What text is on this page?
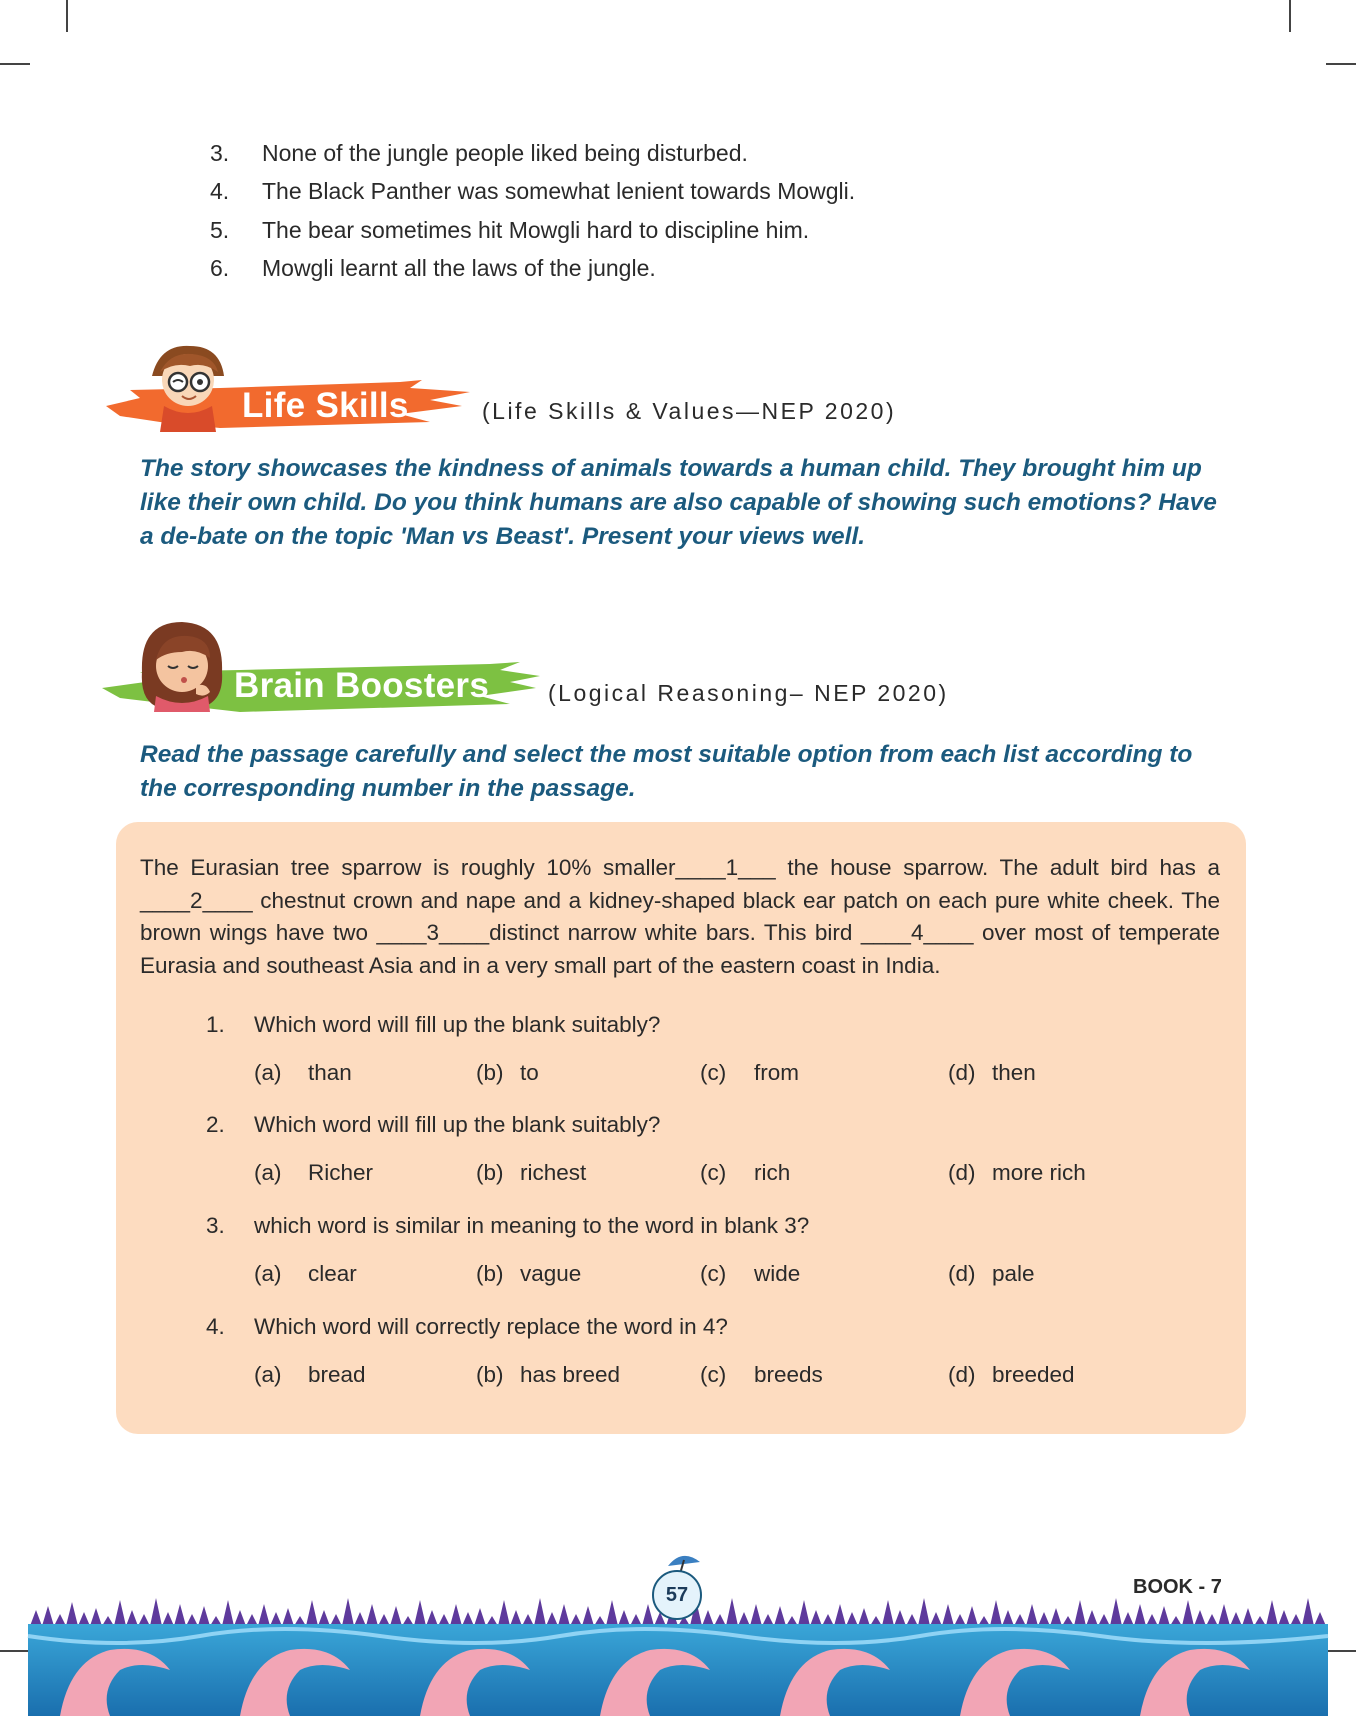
3.	None of the jungle people liked being disturbed.
4.	The Black Panther was somewhat lenient towards Mowgli.
5.	The bear sometimes hit Mowgli hard to discipline him.
6.	Mowgli learnt all the laws of the jungle.
Life Skills	(Life Skills & Values—NEP 2020)

The story showcases the kindness of animals towards a human child. They brought him up like their own child. Do you think humans are also capable of showing such emotions? Have a de-bate on the topic 'Man vs Beast'. Present your views well.

Brain Boosters	(Logical Reasoning– NEP 2020)

Read the passage carefully and select the most suitable option from each list according to the corresponding number in the passage.

The Eurasian tree sparrow is roughly 10% smaller____1___ the house sparrow. The adult bird has a ____2____ chestnut crown and nape and a kidney-shaped black ear patch on each pure white cheek. The brown wings have two ____3____distinct narrow white bars. This bird ____4____ over most of temperate Eurasia and southeast Asia and in a very small part of the eastern coast in India.

1.	Which word will fill up the blank suitably?
(a)	than	(b) to	(c)	from	(d) then
2.	Which word will fill up the blank suitably?
(a)	Richer	(b) richest	(c)	rich	(d) more rich
3.	which word is similar in meaning to the word in blank 3?
(a)	clear	(b) vague	(c)	wide	(d) pale
4.	Which word will correctly replace the word in 4?
(a)	bread	(b) has breed	(c)	breeds	(d) breeded
57	BOOK - 7
